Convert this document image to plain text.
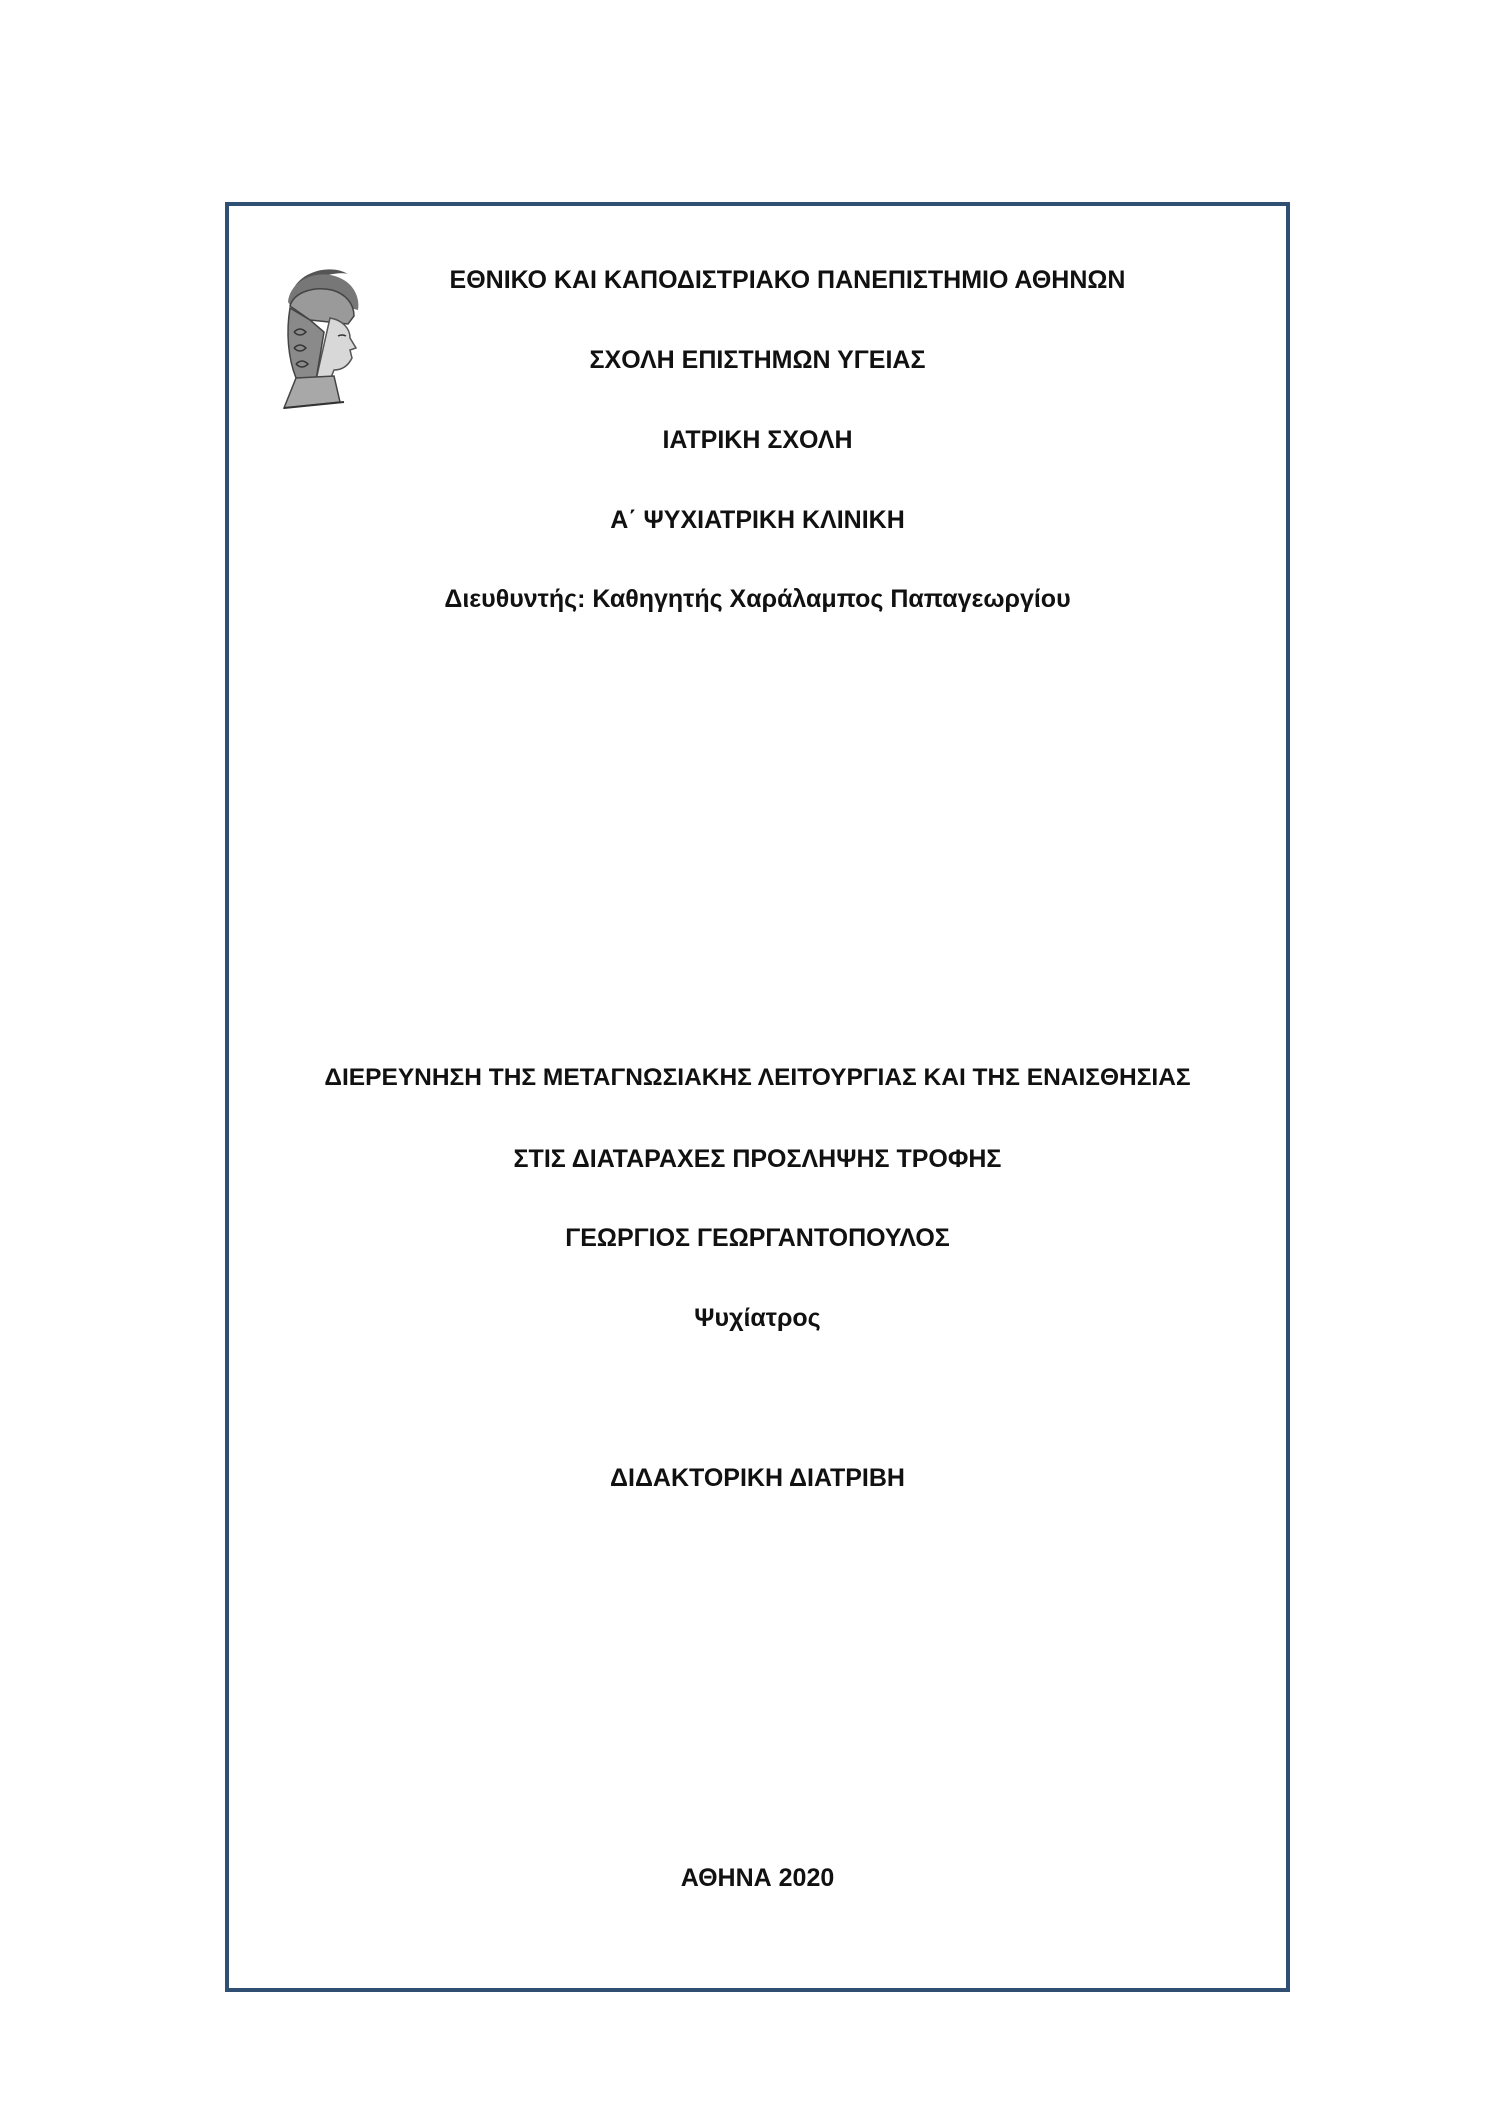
ΕΘΝΙΚΟ ΚΑΙ ΚΑΠΟΔΙΣΤΡΙΑΚΟ ΠΑΝΕΠΙΣΤΗΜΙΟ ΑΘΗΝΩΝ
ΣΧΟΛΗ ΕΠΙΣΤΗΜΩΝ ΥΓΕΙΑΣ
ΙΑΤΡΙΚΗ ΣΧΟΛΗ
Α΄ ΨΥΧΙΑΤΡΙΚΗ ΚΛΙΝΙΚΗ
Διευθυντής: Καθηγητής Χαράλαμπος Παπαγεωργίου
ΔΙΕΡΕΥΝΗΣΗ ΤΗΣ ΜΕΤΑΓΝΩΣΙΑΚΗΣ ΛΕΙΤΟΥΡΓΙΑΣ ΚΑΙ ΤΗΣ ΕΝΑΙΣΘΗΣΙΑΣ
ΣΤΙΣ ΔΙΑΤΑΡΑΧΕΣ ΠΡΟΣΛΗΨΗΣ ΤΡΟΦΗΣ
ΓΕΩΡΓΙΟΣ ΓΕΩΡΓΑΝΤΟΠΟΥΛΟΣ
Ψυχίατρος
ΔΙΔΑΚΤΟΡΙΚΗ ΔΙΑΤΡΙΒΗ
ΑΘΗΝΑ 2020
